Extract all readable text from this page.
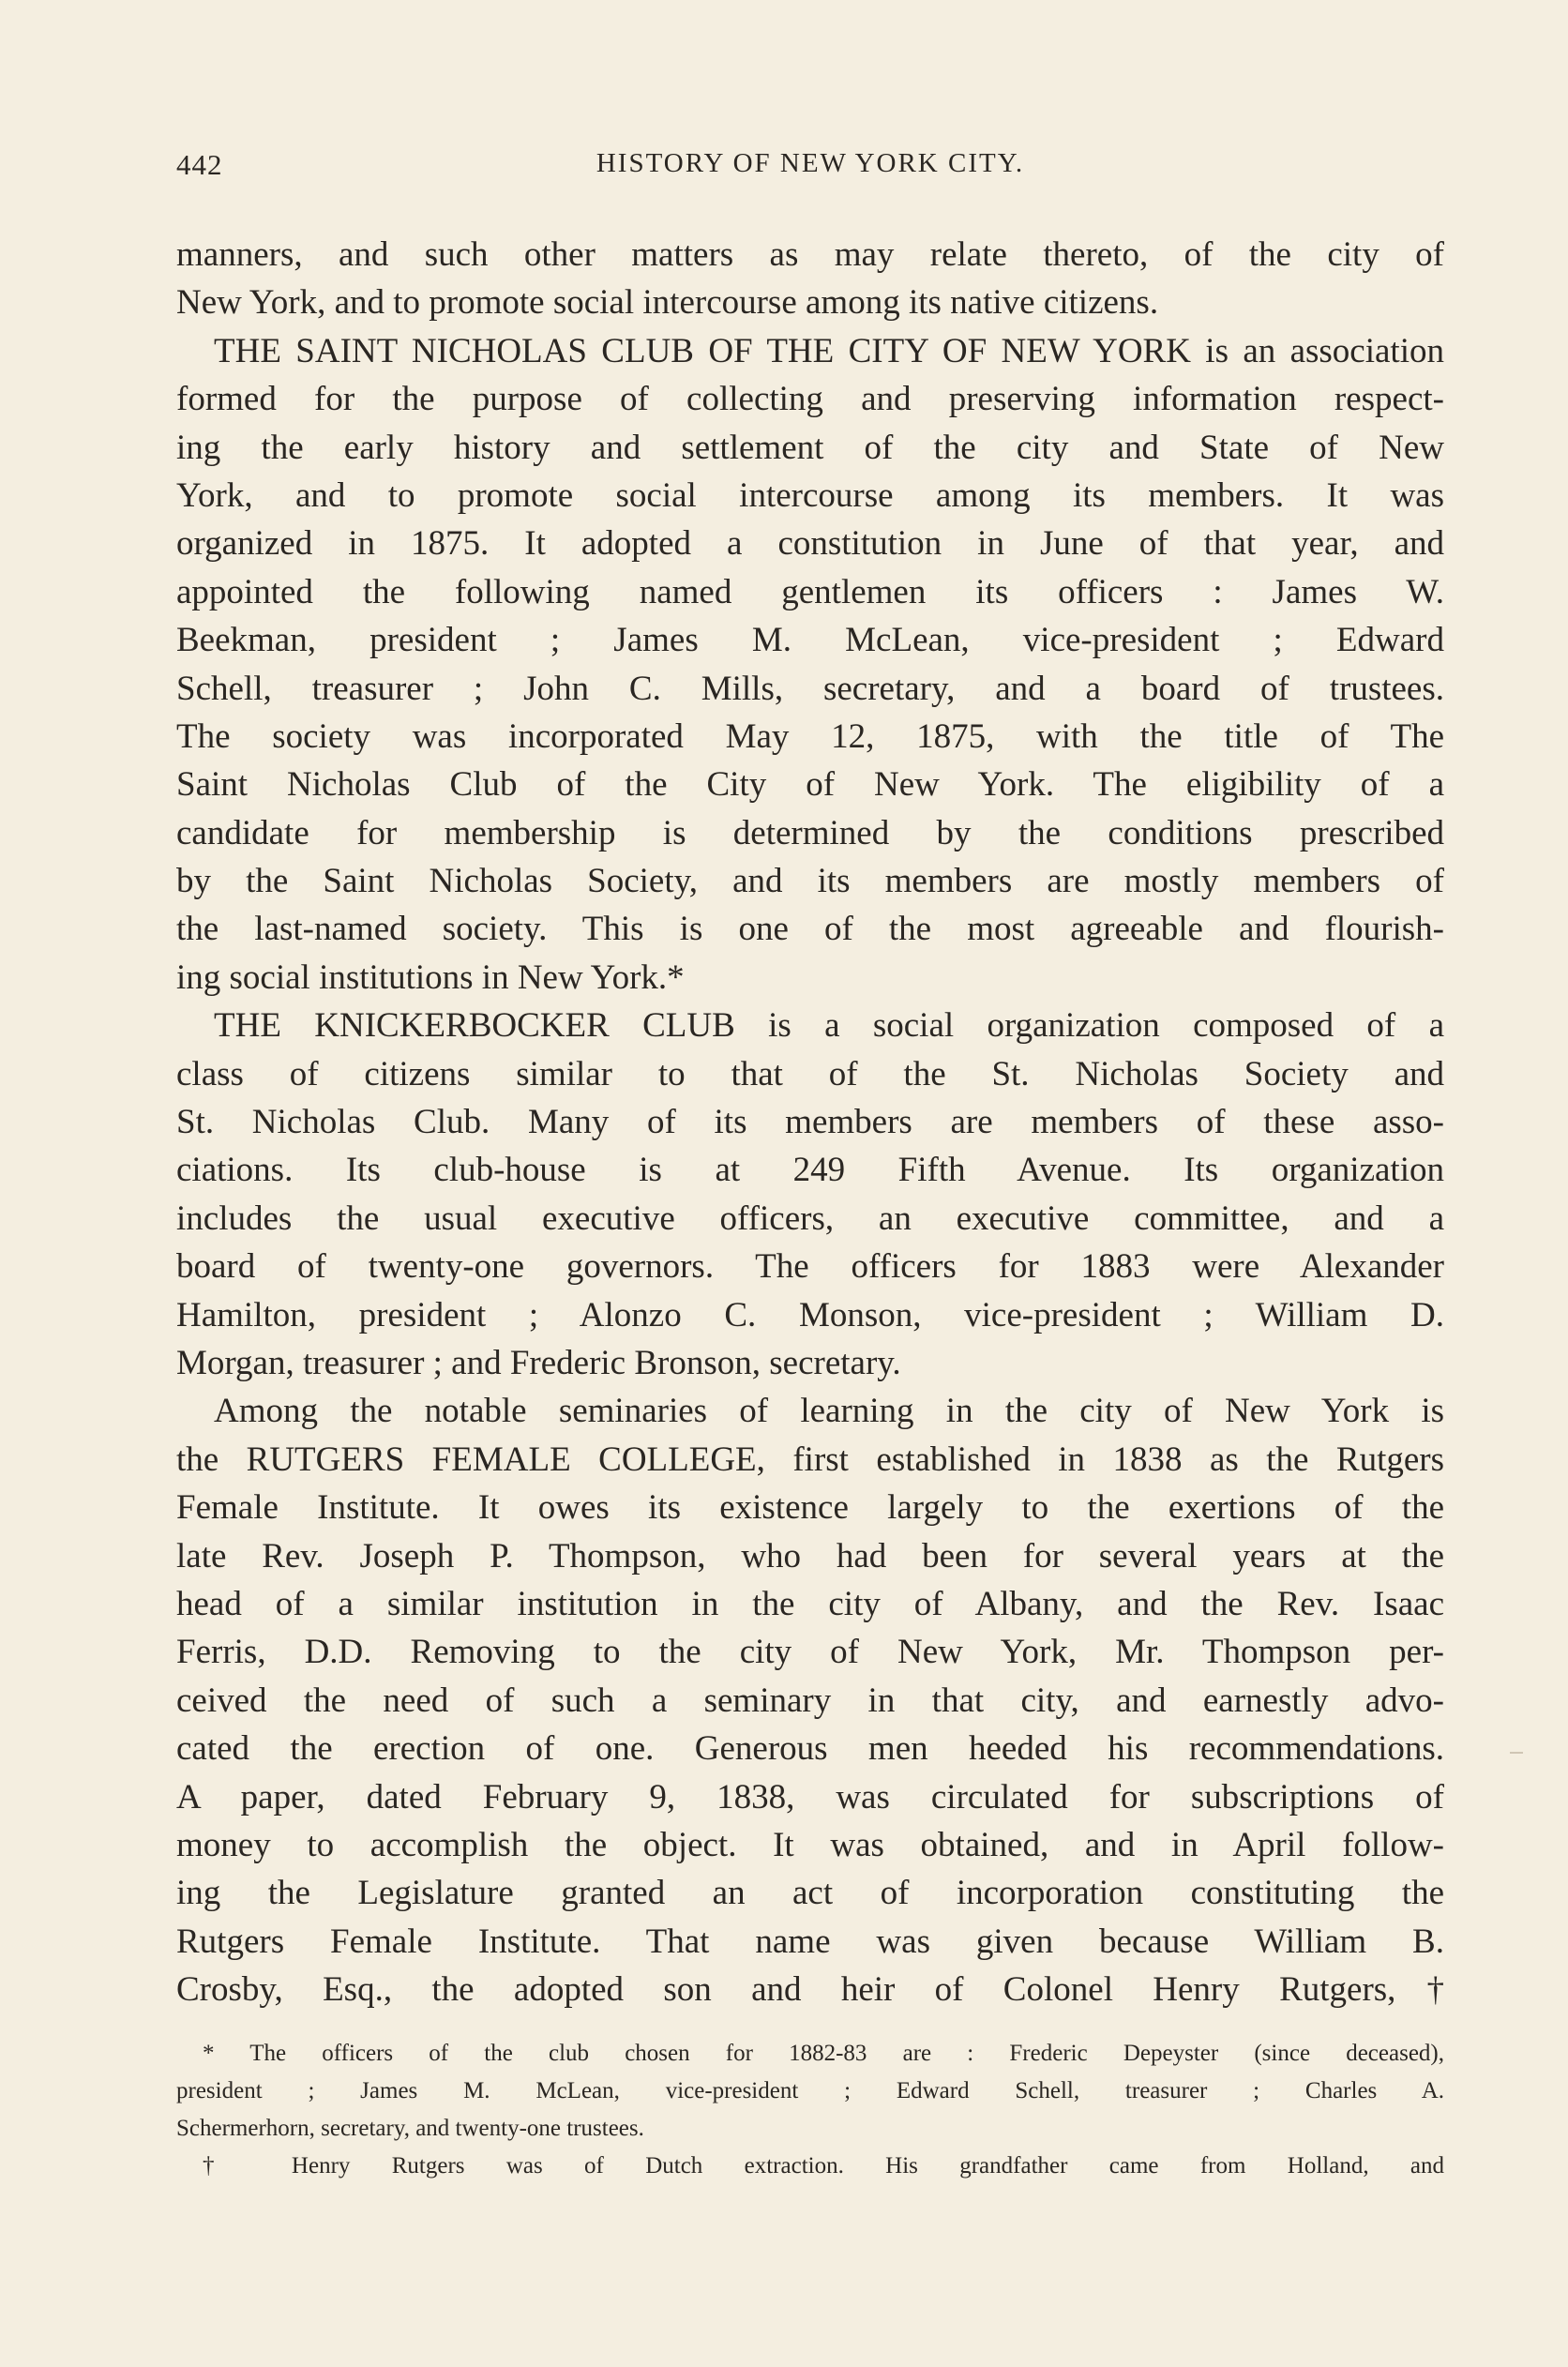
442	HISTORY OF NEW YORK CITY.
manners, and such other matters as may relate thereto, of the city of
New York, and to promote social intercourse among its native citizens.
THE SAINT NICHOLAS CLUB OF THE CITY OF NEW YORK is an association
formed for the purpose of collecting and preserving information respect-
ing the early history and settlement of the city and State of New
York, and to promote social intercourse among its members. It was
organized in 1875. It adopted a constitution in June of that year, and
appointed the following named gentlemen its officers : James W.
Beekman, president ; James M. McLean, vice-president ; Edward
Schell, treasurer ; John C. Mills, secretary, and a board of trustees.
The society was incorporated May 12, 1875, with the title of The
Saint Nicholas Club of the City of New York. The eligibility of a
candidate for membership is determined by the conditions prescribed
by the Saint Nicholas Society, and its members are mostly members of
the last-named society. This is one of the most agreeable and flourish-
ing social institutions in New York.*
THE KNICKERBOCKER CLUB is a social organization composed of a
class of citizens similar to that of the St. Nicholas Society and
St. Nicholas Club. Many of its members are members of these asso-
ciations. Its club-house is at 249 Fifth Avenue. Its organization
includes the usual executive officers, an executive committee, and a
board of twenty-one governors. The officers for 1883 were Alexander
Hamilton, president ; Alonzo C. Monson, vice-president ; William D.
Morgan, treasurer ; and Frederic Bronson, secretary.
Among the notable seminaries of learning in the city of New York is
the RUTGERS FEMALE COLLEGE, first established in 1838 as the Rutgers
Female Institute. It owes its existence largely to the exertions of the
late Rev. Joseph P. Thompson, who had been for several years at the
head of a similar institution in the city of Albany, and the Rev. Isaac
Ferris, D.D. Removing to the city of New York, Mr. Thompson per-
ceived the need of such a seminary in that city, and earnestly advo-
cated the erection of one. Generous men heeded his recommendations.
A paper, dated February 9, 1838, was circulated for subscriptions of
money to accomplish the object. It was obtained, and in April follow-
ing the Legislature granted an act of incorporation constituting the
Rutgers Female Institute. That name was given because William B.
Crosby, Esq., the adopted son and heir of Colonel Henry Rutgers,†
* The officers of the club chosen for 1882-83 are : Frederic Depeyster (since deceased),
president ; James M. McLean, vice-president ; Edward Schell, treasurer ; Charles A.
Schermerhorn, secretary, and twenty-one trustees.
† Henry Rutgers was of Dutch extraction. His grandfather came from Holland, and
